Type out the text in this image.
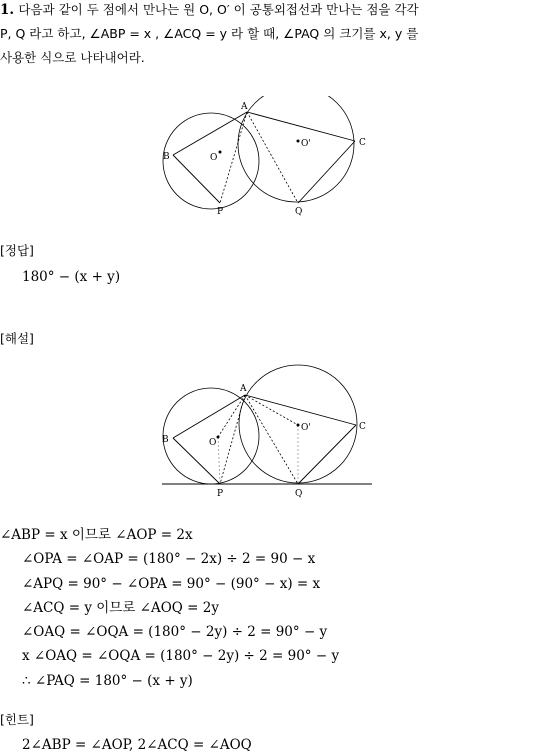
1. 다음과 같이 두 점에서 만나는 원 O, O′ 이 공통외접선과 만나는 점을 각각
P, Q 라고 하고, ∠ABP = x , ∠ACQ = y 라 할 때, ∠PAQ 의 크기를 x, y 를
사용한 식으로 나타내어라.
A
B
C
P	Q
O
O'
[정답]
180° − (x + y)
[해설]
A
B
C
P	Q
O
O'
∠ABP = x 이므로 ∠AOP = 2x
∠OPA = ∠OAP = (180° − 2x) ÷ 2 = 90 − x
∠APQ = 90° − ∠OPA = 90° − (90° − x) = x
∠ACQ = y 이므로 ∠AOQ = 2y
∠OAQ = ∠OQA = (180° − 2y) ÷ 2 = 90° − y
x ∠OAQ = ∠OQA = (180° − 2y) ÷ 2 = 90° − y
∴ ∠PAQ = 180° − (x + y)
[힌트]
2∠ABP = ∠AOP, 2∠ACQ = ∠AOQ
